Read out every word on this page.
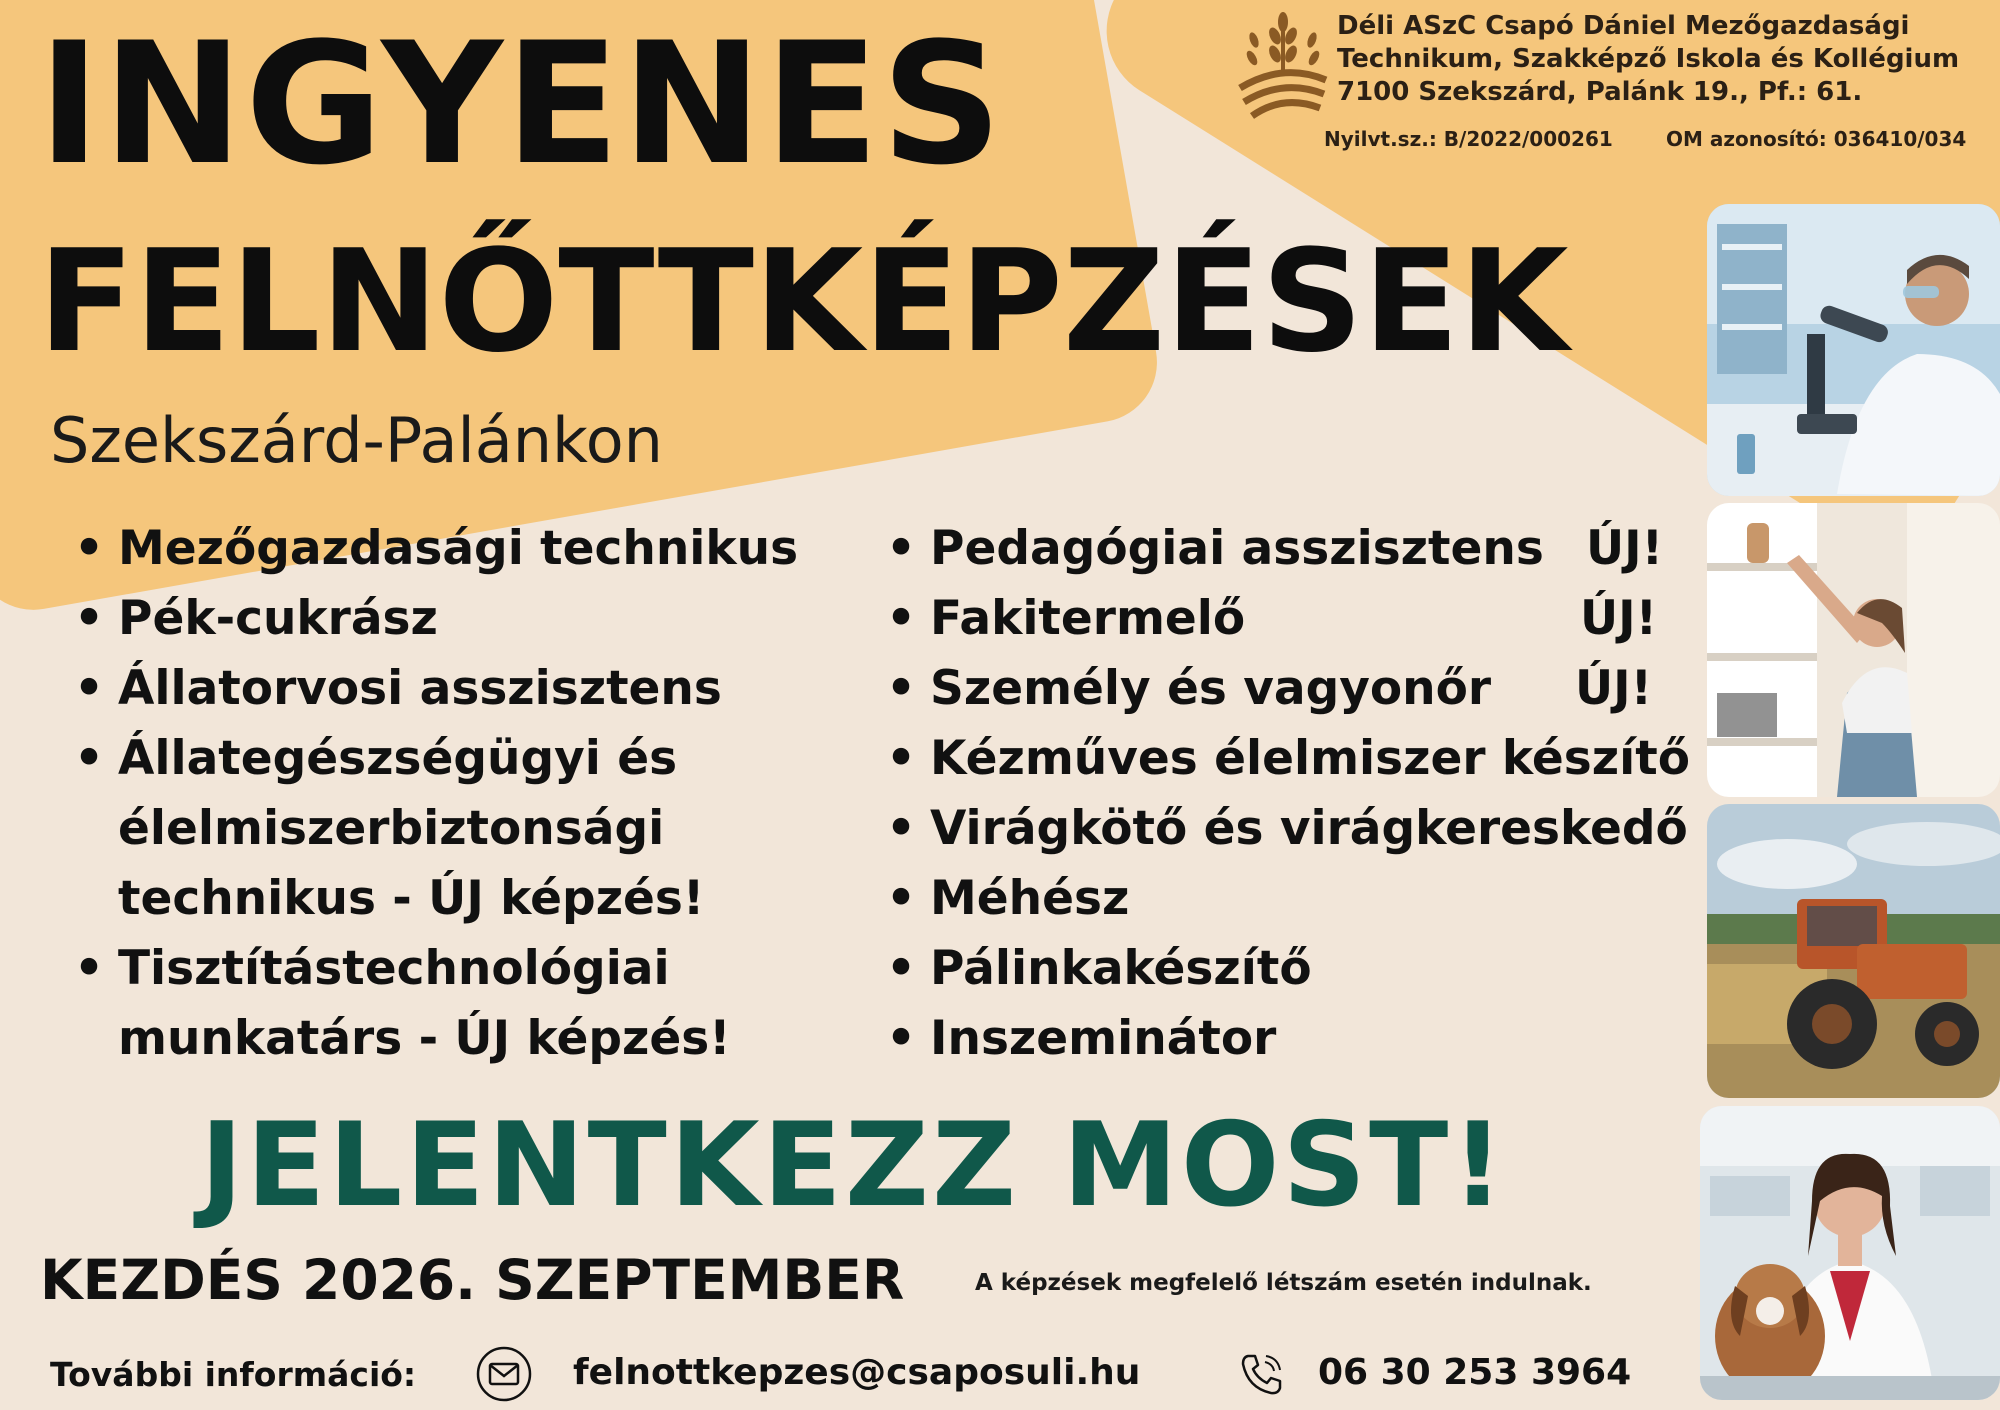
INGYENES
FELNŐTTKÉPZÉSEK
Szekszárd-Palánkon
Déli ASzC Csapó Dániel Mezőgazdasági
Technikum, Szakképző Iskola és Kollégium
7100 Szekszárd, Palánk 19., Pf.: 61.
Nyilvt.sz.: B/2022/000261	OM azonosító: 036410/034
• Mezőgazdasági technikus
• Pék-cukrász
• Állatorvosi asszisztens
• Állategészségügyi és
élelmiszerbiztonsági
technikus - ÚJ képzés!
• Tisztítástechnológiai
munkatárs - ÚJ képzés!
• Pedagógiai asszisztens
• Fakitermelő
• Személy és vagyonőr
• Kézműves élelmiszer készítő
• Virágkötő és virágkereskedő
• Méhész
• Pálinkakészítő
• Inszeminátor
ÚJ!
ÚJ!
ÚJ!
JELENTKEZZ MOST!
KEZDÉS 2026. SZEPTEMBER	A képzések megfelelő létszám esetén indulnak.
További információ:	felnottkepzes@csaposuli.hu	06 30 253 3964
